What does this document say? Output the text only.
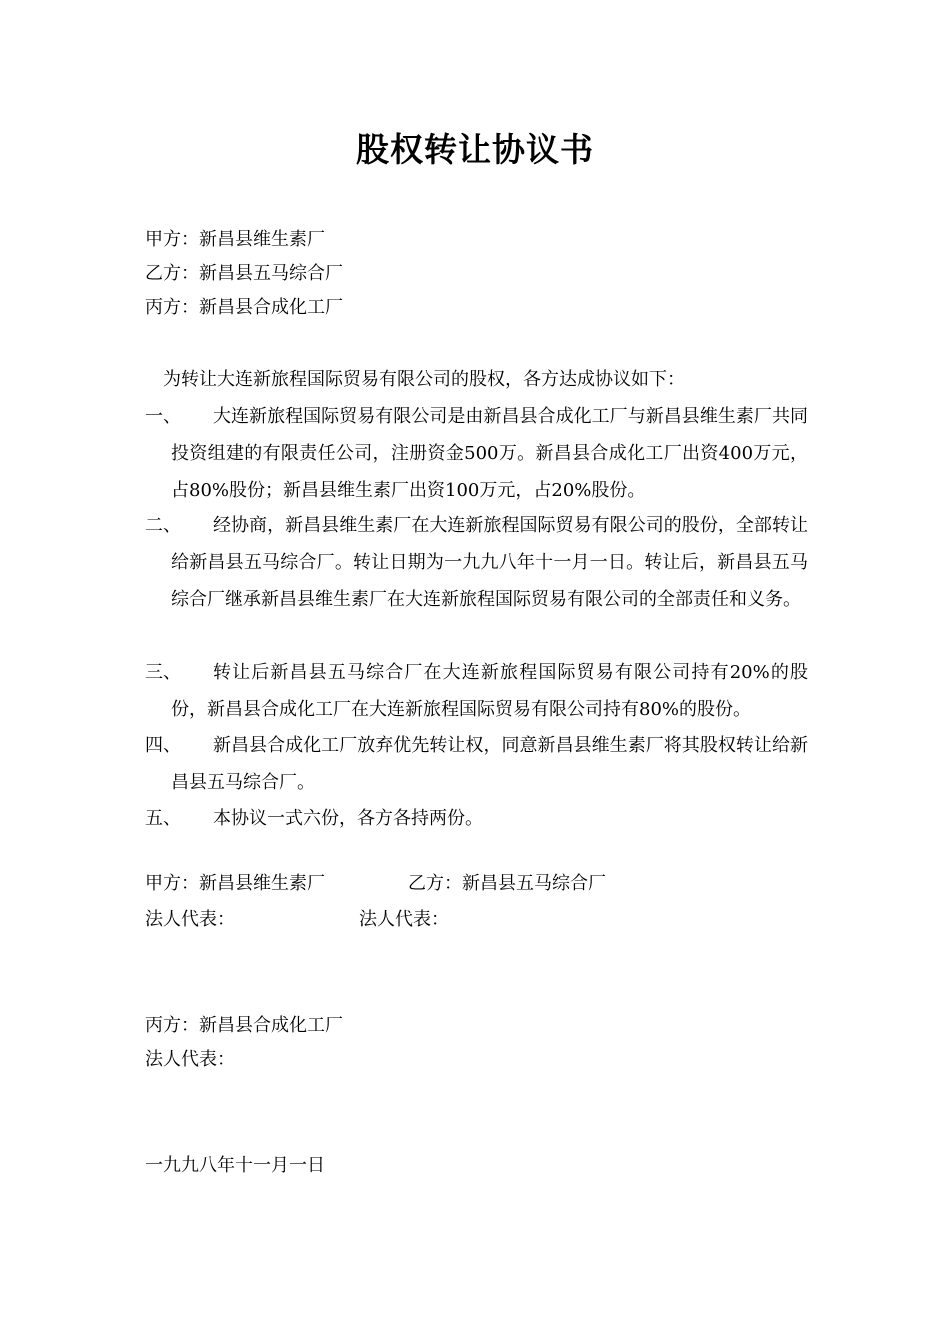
股权转让协议书
甲方：新昌县维生素厂
乙方：新昌县五马综合厂
丙方：新昌县合成化工厂
为转让大连新旅程国际贸易有限公司的股权，各方达成协议如下：
一、	大连新旅程国际贸易有限公司是由新昌县合成化工厂与新昌县维生素厂共同投资组建的有限责任公司，注册资金500万。新昌县合成化工厂出资400万元，占80%股份；新昌县维生素厂出资100万元，占20%股份。
二、	经协商，新昌县维生素厂在大连新旅程国际贸易有限公司的股份，全部转让给新昌县五马综合厂。转让日期为一九九八年十一月一日。转让后，新昌县五马综合厂继承新昌县维生素厂在大连新旅程国际贸易有限公司的全部责任和义务。
三、	转让后新昌县五马综合厂在大连新旅程国际贸易有限公司持有20%的股份，新昌县合成化工厂在大连新旅程国际贸易有限公司持有80%的股份。
四、	新昌县合成化工厂放弃优先转让权，同意新昌县维生素厂将其股权转让给新昌县五马综合厂。
五、	本协议一式六份，各方各持两份。
甲方：新昌县维生素厂	乙方：新昌县五马综合厂
法人代表：	法人代表：
丙方：新昌县合成化工厂
法人代表：
一九九八年十一月一日
